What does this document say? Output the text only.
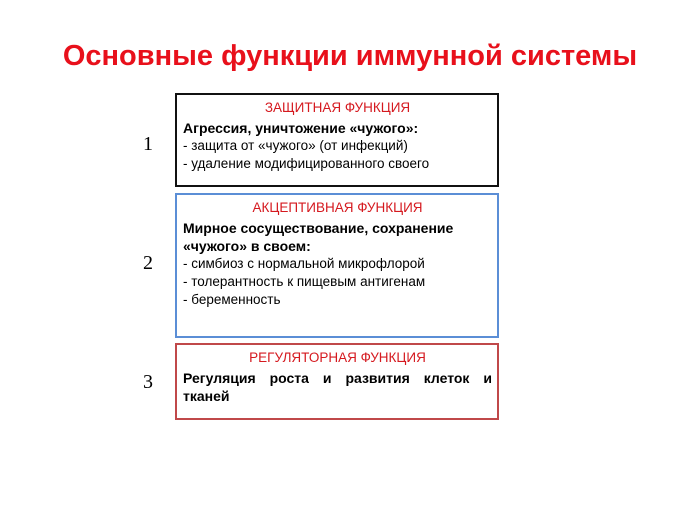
Основные функции иммунной системы
1
ЗАЩИТНАЯ ФУНКЦИЯ
Агрессия, уничтожение «чужого»:
- защита от «чужого» (от инфекций)
- удаление модифицированного своего
2
АКЦЕПТИВНАЯ ФУНКЦИЯ
Мирное сосуществование, сохранение «чужого» в своем:
- симбиоз с нормальной микрофлорой
- толерантность к пищевым антигенам
- беременность
3
РЕГУЛЯТОРНАЯ ФУНКЦИЯ
Регуляция роста и развития клеток и тканей
